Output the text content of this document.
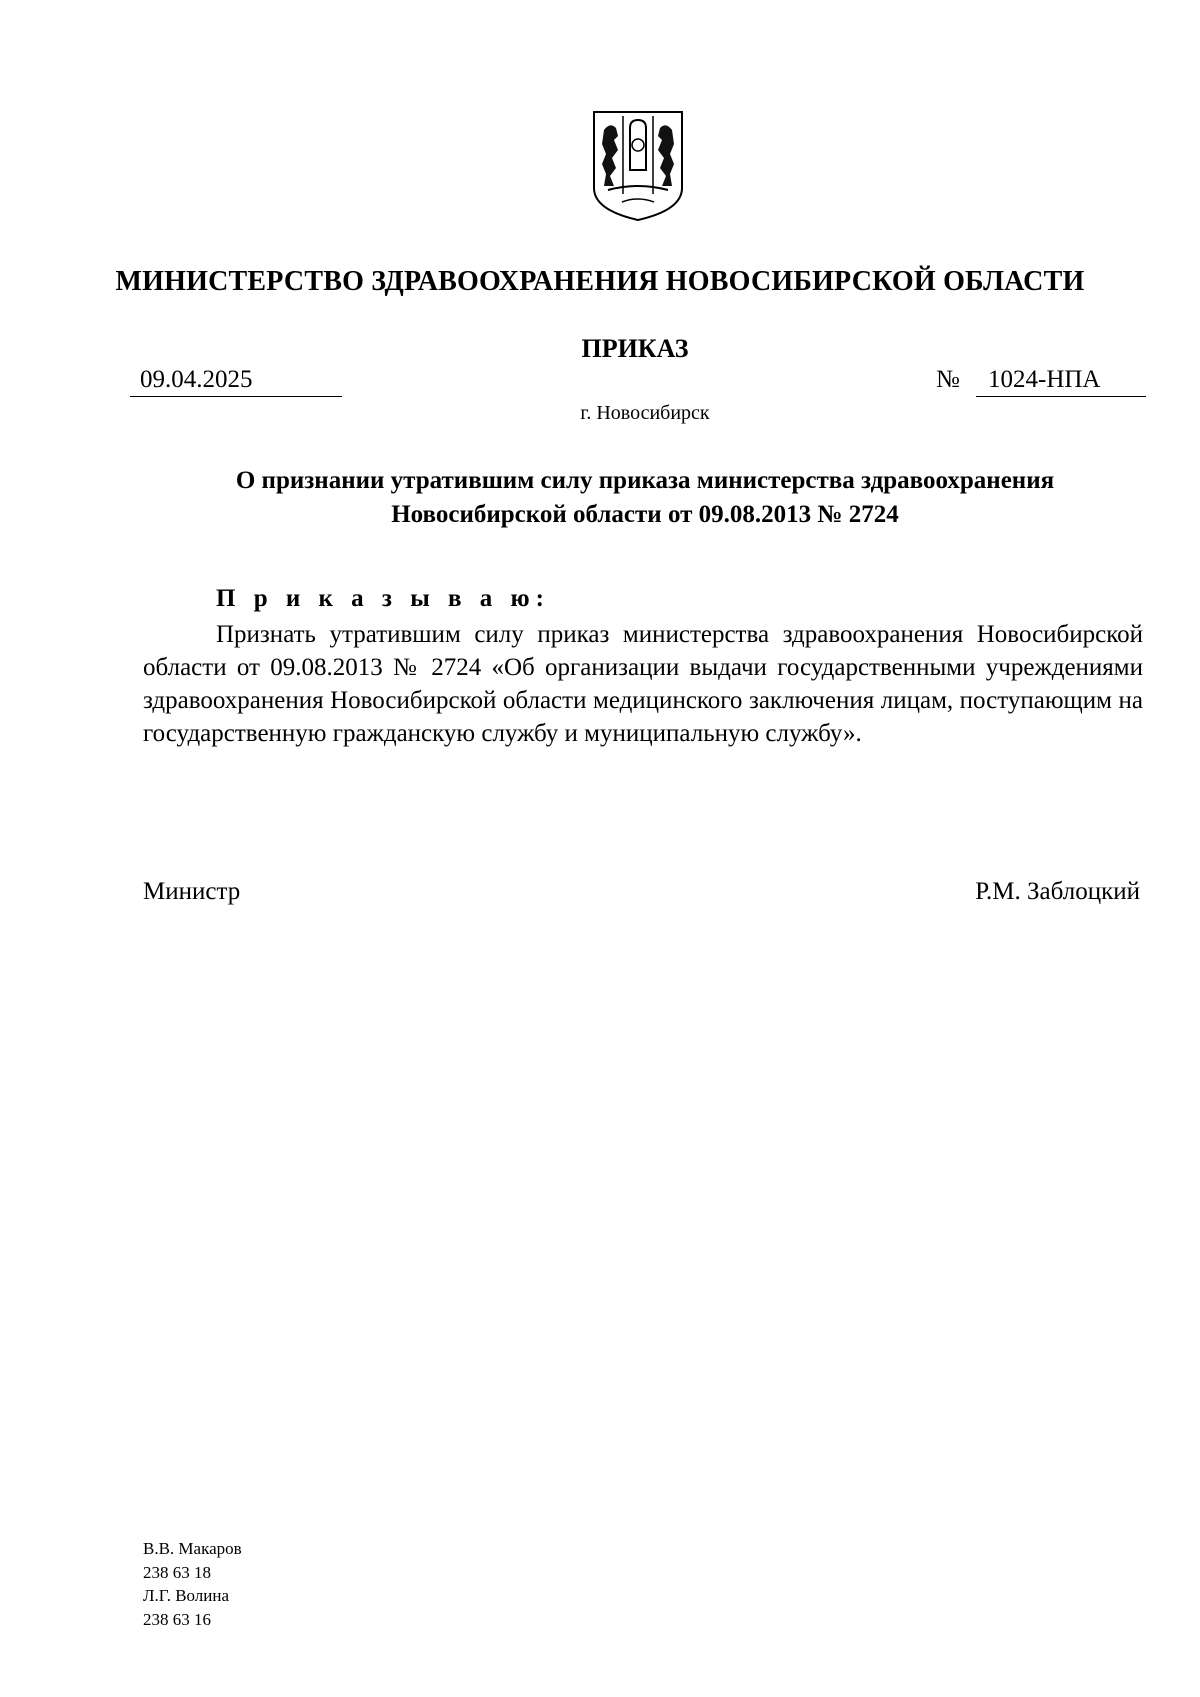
МИНИСТЕРСТВО ЗДРАВООХРАНЕНИЯ НОВОСИБИРСКОЙ ОБЛАСТИ
ПРИКАЗ
09.04.2025	№	1024-НПА
г. Новосибирск
О признании утратившим силу приказа министерства здравоохранения
Новосибирской области от 09.08.2013 № 2724
П р и к а з ы в а ю:

Признать утратившим силу приказ министерства здравоохранения Новосибирской области от 09.08.2013 № 2724 «Об организации выдачи государственными учреждениями здравоохранения Новосибирской области медицинского заключения лицам, поступающим на государственную гражданскую службу и муниципальную службу».

Министр	Р.М. Заблоцкий
В.В. Макаров
238 63 18
Л.Г. Волина
238 63 16
